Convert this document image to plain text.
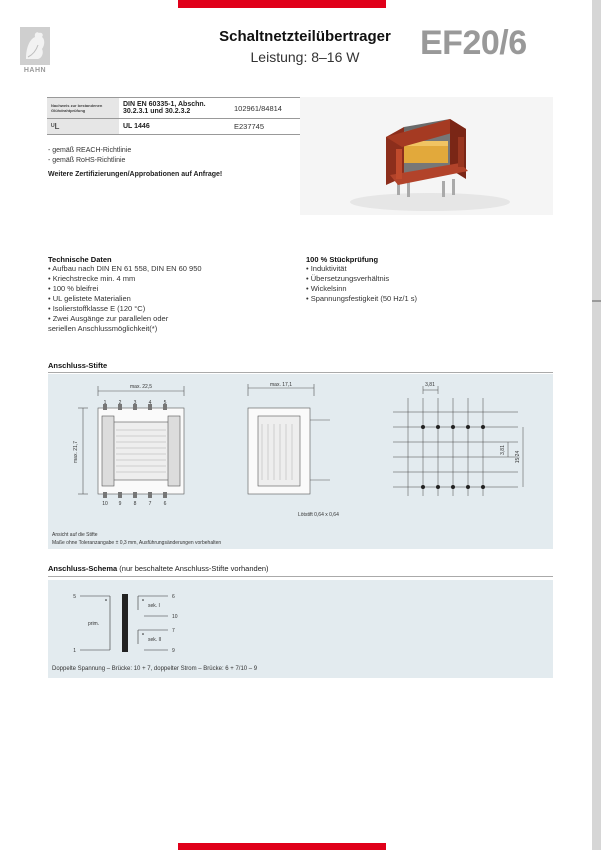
HAHN
Schaltnetzteilübertrager
Leistung: 8–16 W	EF20/6
Nachweis zur bestandenen Glühdrahtprüfung	DIN EN 60335-1, Abschn. 30.2.3.1 und 30.2.3.2	102961/84814
ᵁL	UL 1446	E237745
- gemäß REACH-Richtlinie
- gemäß RoHS-Richtlinie
Weitere Zertifizierungen/Approbationen auf Anfrage!
Technische Daten
• Aufbau nach DIN EN 61 558, DIN EN 60 950
• Kriechstrecke min. 4 mm
• 100 % bleifrei
• UL gelistete Materialien
• Isolierstoffklasse E (120 °C)
• Zwei Ausgänge zur parallelen oder
seriellen Anschlussmöglichkeit(*)
100 % Stückprüfung
• Induktivität
• Übersetzungsverhältnis
• Wickelsinn
• Spannungsfestigkeit (50 Hz/1 s)
Anschluss-Stifte
max. 22,5
max. 21,7
1 2 3 4 5
10 9 8 7 6
max. 17,1	3,81
3,81
15,24
Lötstift 0,64 x 0,64
Ansicht auf die Stifte
Maße ohne Toleranzangabe ± 0,3 mm, Ausführungsänderungen vorbehalten
Anschluss-Schema (nur beschaltete Anschluss-Stifte vorhanden)
5
1
6
10
7
9
prim.
sek. I
sek. II
Doppelte Spannung – Brücke: 10 + 7, doppelter Strom – Brücke: 6 + 7/10 – 9
